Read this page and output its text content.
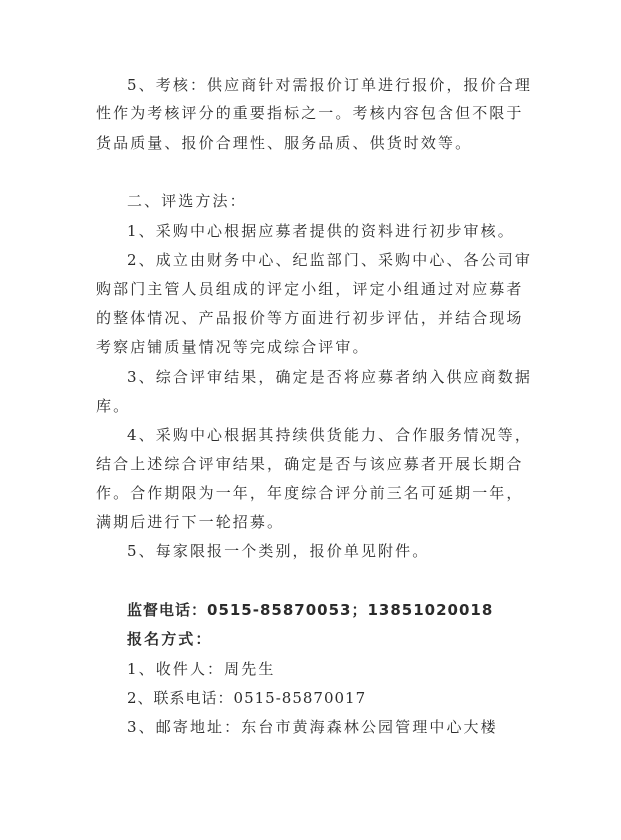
5、考核：供应商针对需报价订单进行报价，报价合理
性作为考核评分的重要指标之一。考核内容包含但不限于
货品质量、报价合理性、服务品质、供货时效等。
二、评选方法：
1、采购中心根据应募者提供的资料进行初步审核。
2、成立由财务中心、纪监部门、采购中心、各公司审
购部门主管人员组成的评定小组，评定小组通过对应募者
的整体情况、产品报价等方面进行初步评估，并结合现场
考察店铺质量情况等完成综合评审。
3、综合评审结果，确定是否将应募者纳入供应商数据
库。
4、采购中心根据其持续供货能力、合作服务情况等，
结合上述综合评审结果，确定是否与该应募者开展长期合
作。合作期限为一年，年度综合评分前三名可延期一年，
满期后进行下一轮招募。
5、每家限报一个类别，报价单见附件。
监督电话：0515-85870053；13851020018
报名方式：
1、收件人：周先生
2、联系电话：0515-85870017
3、邮寄地址：东台市黄海森林公园管理中心大楼
